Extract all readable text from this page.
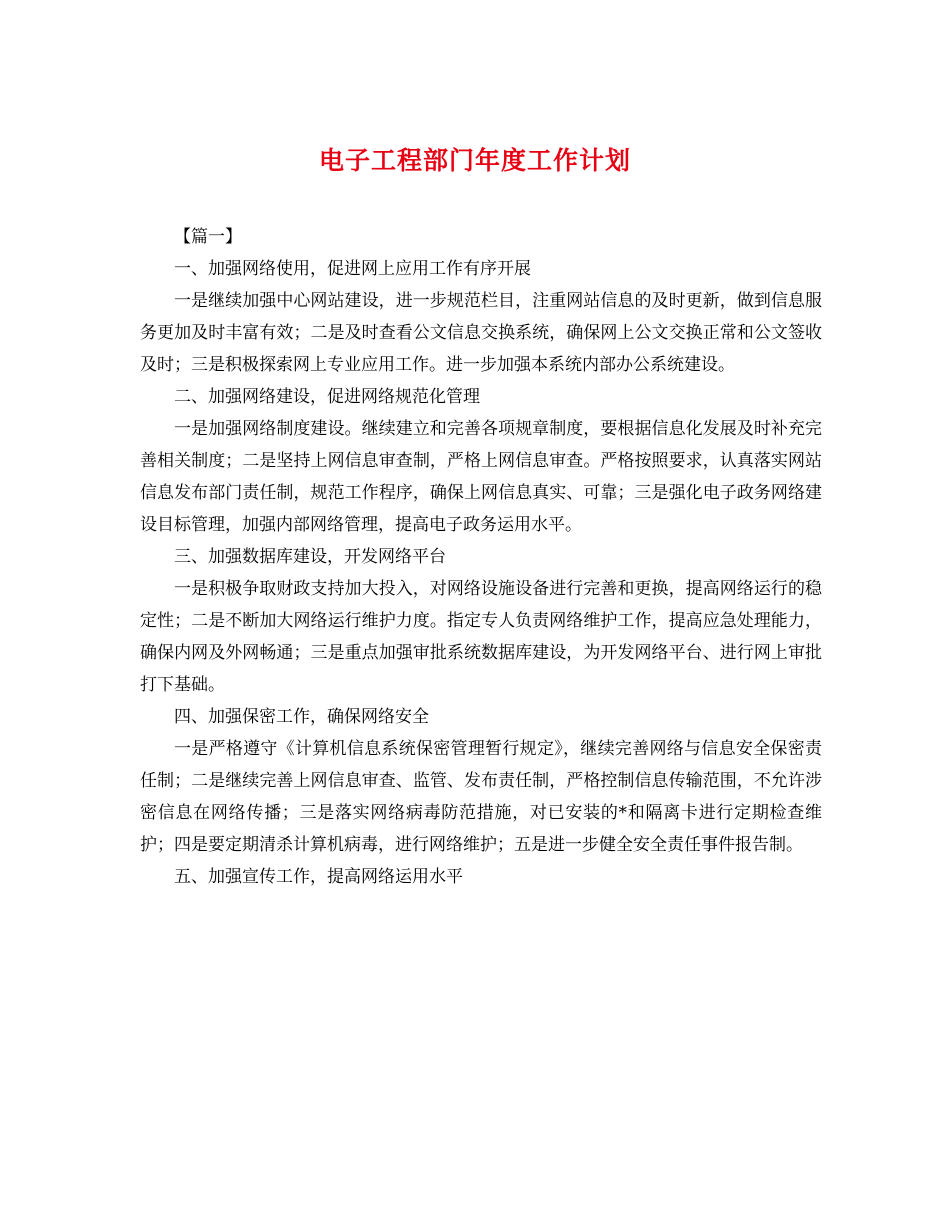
电子工程部门年度工作计划

【篇一】

一、加强网络使用，促进网上应用工作有序开展

一是继续加强中心网站建设，进一步规范栏目，注重网站信息的及时更新，做到信息服务更加及时丰富有效；二是及时查看公文信息交换系统，确保网上公文交换正常和公文签收及时；三是积极探索网上专业应用工作。进一步加强本系统内部办公系统建设。

二、加强网络建设，促进网络规范化管理

一是加强网络制度建设。继续建立和完善各项规章制度，要根据信息化发展及时补充完善相关制度；二是坚持上网信息审查制，严格上网信息审查。严格按照要求，认真落实网站信息发布部门责任制，规范工作程序，确保上网信息真实、可靠；三是强化电子政务网络建设目标管理，加强内部网络管理，提高电子政务运用水平。

三、加强数据库建设，开发网络平台

一是积极争取财政支持加大投入，对网络设施设备进行完善和更换，提高网络运行的稳定性；二是不断加大网络运行维护力度。指定专人负责网络维护工作，提高应急处理能力，确保内网及外网畅通；三是重点加强审批系统数据库建设，为开发网络平台、进行网上审批打下基础。

四、加强保密工作，确保网络安全

一是严格遵守《计算机信息系统保密管理暂行规定》，继续完善网络与信息安全保密责任制；二是继续完善上网信息审查、监管、发布责任制，严格控制信息传输范围，不允许涉密信息在网络传播；三是落实网络病毒防范措施，对已安装的*和隔离卡进行定期检查维护；四是要定期清杀计算机病毒，进行网络维护；五是进一步健全安全责任事件报告制。

五、加强宣传工作，提高网络运用水平
